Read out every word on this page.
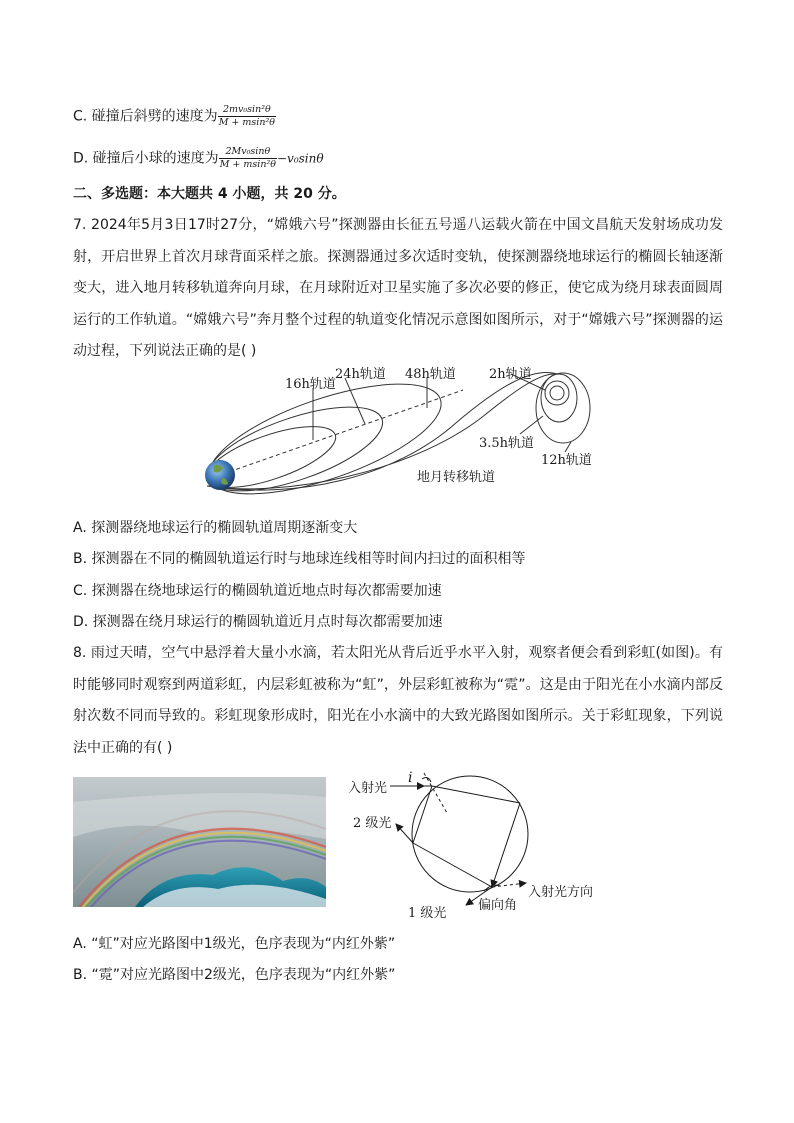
C. 碰撞后斜劈的速度为 $\frac{\text{2mv₀sin²θ}}{\text{M + msin²θ}}$
D. 碰撞后小球的速度为 $\frac{\text{2Mv₀sinθ}}{\text{M + msin²θ}} -v_0\sin\theta$
二、多选题：本大题共 4 小题，共 20 分。
7. 2024年5月3日17时27分，“嫦娥六号”探测器由长征五号遥八运载火箭在中国文昌航天发射场成功发射，开启世界上首次月球背面采样之旅。探测器通过多次适时变轨，使探测器绕地球运行的椭圆长轴逐渐变大，进入地月转移轨道奔向月球，在月球附近对卫星实施了多次必要的修正，使它成为绕月球表面圆周运行的工作轨道。“嫦娥六号”奔月整个过程的轨道变化情况示意图如图所示，对于“嫦娥六号”探测器的运动过程，下列说法正确的是( )
16h轨道
24h轨道 48h轨道	2h轨道
3.5h轨道
12h轨道
地月转移轨道
A. 探测器绕地球运行的椭圆轨道周期逐渐变大
B. 探测器在不同的椭圆轨道运行时与地球连线相等时间内扫过的面积相等
C. 探测器在绕地球运行的椭圆轨道近地点时每次都需要加速
D. 探测器在绕月球运行的椭圆轨道近月点时每次都需要加速
8. 雨过天晴，空气中悬浮着大量小水滴，若太阳光从背后近乎水平入射，观察者便会看到彩虹(如图)。有时能够同时观察到两道彩虹，内层彩虹被称为“虹”，外层彩虹被称为“霓”。这是由于阳光在小水滴内部反射次数不同而导致的。彩虹现象形成时，阳光在小水滴中的大致光路图如图所示。关于彩虹现象，下列说法中正确的有( )
入射光
i
2 级光
1 级光
偏向角
入射光方向
A. “虹”对应光路图中1级光，色序表现为“内红外紫”
B. “霓”对应光路图中2级光，色序表现为“内红外紫”
